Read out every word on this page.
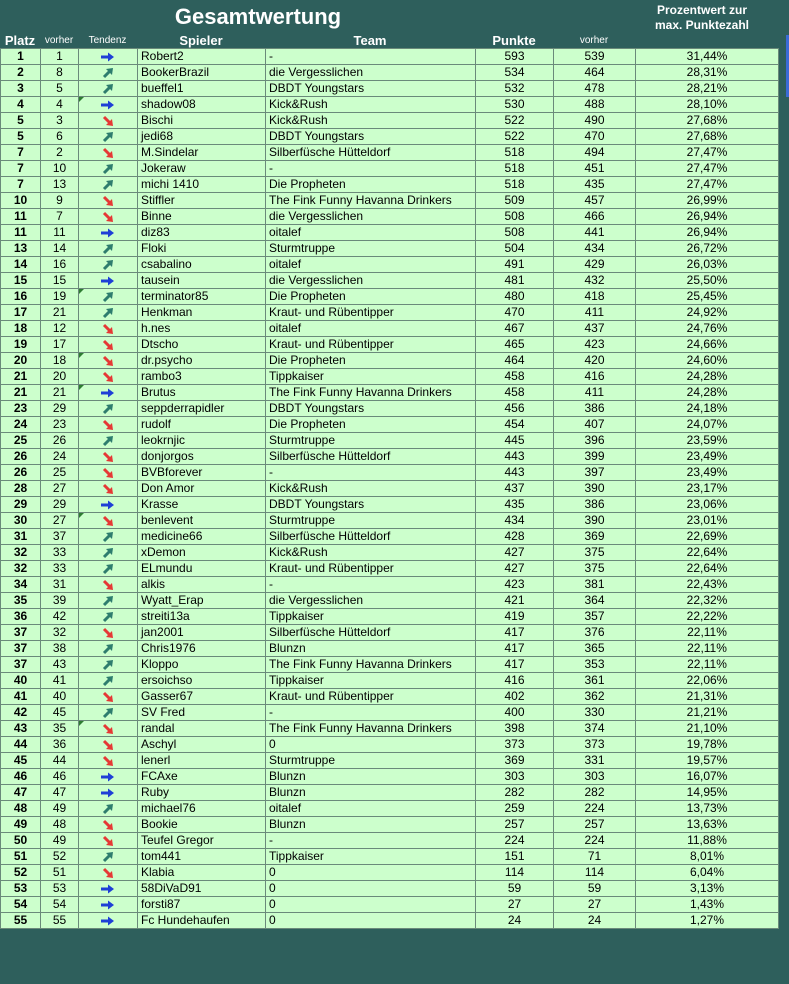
Gesamtwertung	Prozentwert zur
max. Punktezahl
Platz vorher	Tendenz	Spieler	Team	Punkte	vorher
1	1		Robert2	-	593	539	31,44%
2	8		BookerBrazil	die Vergesslichen	534	464	28,31%
3	5		bueffel1	DBDT Youngstars	532	478	28,21%
4	4		shadow08	Kick&Rush	530	488	28,10%
5	3		Bischi	Kick&Rush	522	490	27,68%
5	6		jedi68	DBDT Youngstars	522	470	27,68%
7	2		M.Sindelar	Silberfüsche Hütteldorf	518	494	27,47%
7	10		Jokeraw	-	518	451	27,47%
7	13		michi 1410	Die Propheten	518	435	27,47%
10	9		Stiffler	The Fink Funny Havanna Drinkers	509	457	26,99%
11	7		Binne	die Vergesslichen	508	466	26,94%
11	11		diz83	oitalef	508	441	26,94%
13	14		Floki	Sturmtruppe	504	434	26,72%
14	16		csabalino	oitalef	491	429	26,03%
15	15		tausein	die Vergesslichen	481	432	25,50%
16	19		terminator85	Die Propheten	480	418	25,45%
17	21		Henkman	Kraut- und Rübentipper	470	411	24,92%
18	12		h.nes	oitalef	467	437	24,76%
19	17		Dtscho	Kraut- und Rübentipper	465	423	24,66%
20	18		dr.psycho	Die Propheten	464	420	24,60%
21	20		rambo3	Tippkaiser	458	416	24,28%
21	21		Brutus	The Fink Funny Havanna Drinkers	458	411	24,28%
23	29		seppderrapidler	DBDT Youngstars	456	386	24,18%
24	23		rudolf	Die Propheten	454	407	24,07%
25	26		leokrnjic	Sturmtruppe	445	396	23,59%
26	24		donjorgos	Silberfüsche Hütteldorf	443	399	23,49%
26	25		BVBforever	-	443	397	23,49%
28	27		Don Amor	Kick&Rush	437	390	23,17%
29	29		Krasse	DBDT Youngstars	435	386	23,06%
30	27		benlevent	Sturmtruppe	434	390	23,01%
31	37		medicine66	Silberfüsche Hütteldorf	428	369	22,69%
32	33		xDemon	Kick&Rush	427	375	22,64%
32	33		ELmundu	Kraut- und Rübentipper	427	375	22,64%
34	31		alkis	-	423	381	22,43%
35	39		Wyatt_Erap	die Vergesslichen	421	364	22,32%
36	42		streiti13a	Tippkaiser	419	357	22,22%
37	32		jan2001	Silberfüsche Hütteldorf	417	376	22,11%
37	38		Chris1976	Blunzn	417	365	22,11%
37	43		Kloppo	The Fink Funny Havanna Drinkers	417	353	22,11%
40	41		ersoichso	Tippkaiser	416	361	22,06%
41	40		Gasser67	Kraut- und Rübentipper	402	362	21,31%
42	45		SV Fred	-	400	330	21,21%
43	35		randal	The Fink Funny Havanna Drinkers	398	374	21,10%
44	36		Aschyl	0	373	373	19,78%
45	44		lenerl	Sturmtruppe	369	331	19,57%
46	46		FCAxe	Blunzn	303	303	16,07%
47	47		Ruby	Blunzn	282	282	14,95%
48	49		michael76	oitalef	259	224	13,73%
49	48		Bookie	Blunzn	257	257	13,63%
50	49		Teufel Gregor	-	224	224	11,88%
51	52		tom441	Tippkaiser	151	71	8,01%
52	51		Klabia	0	114	114	6,04%
53	53		58DiVaD91	0	59	59	3,13%
54	54		forsti87	0	27	27	1,43%
55	55		Fc Hundehaufen	0	24	24	1,27%
